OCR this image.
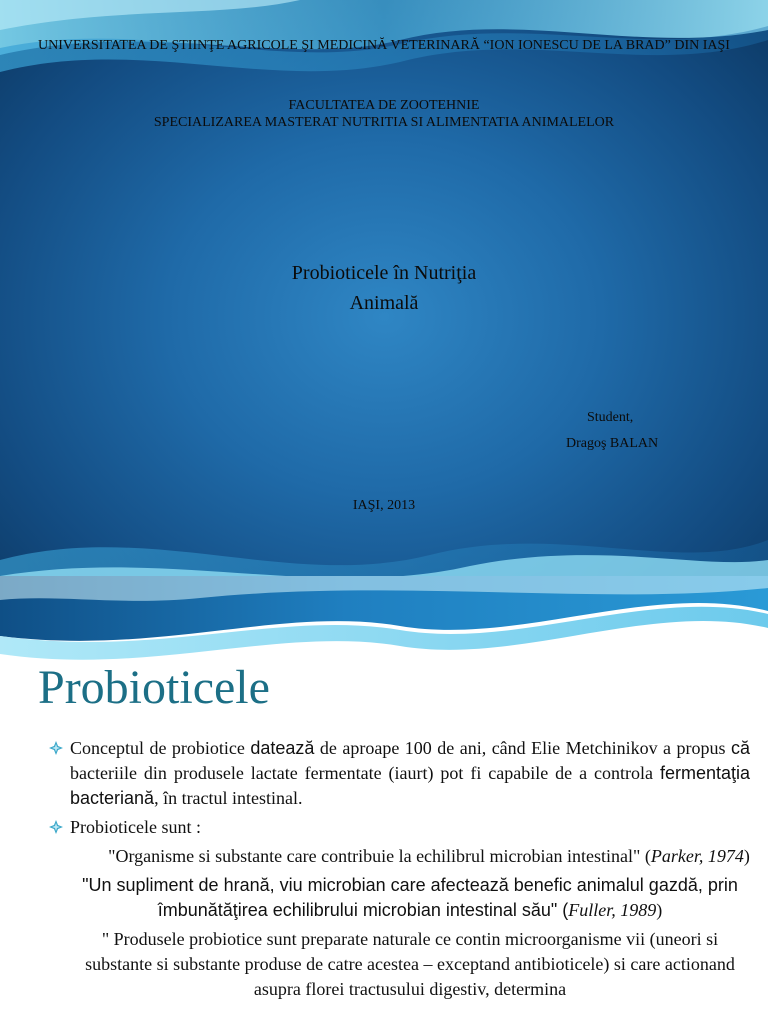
UNIVERSITATEA DE ŞTIINŢE AGRICOLE ŞI MEDICINĂ VETERINARĂ “ION IONESCU DE LA BRAD” DIN IAŞI
FACULTATEA DE ZOOTEHNIE
SPECIALIZAREA MASTERAT NUTRITIA SI ALIMENTATIA ANIMALELOR
Probioticele în Nutriţia
Animală
Student,
Dragoş BALAN
IAŞI, 2013
Probioticele
Conceptul de probiotice datează de aproape 100 de ani, când Elie Metchinikov a propus că bacteriile din produsele lactate fermentate (iaurt) pot fi capabile de a controla fermentaţia bacteriană, în tractul intestinal.
Probioticele sunt :
"Organisme si substante care contribuie la echilibrul microbian intestinal" (Parker, 1974)
"Un supliment de hrană, viu microbian care afectează benefic animalul gazdă, prin îmbunătăţirea echilibrului microbian intestinal său" (Fuller, 1989)
" Produsele probiotice sunt preparate naturale ce contin microorganisme vii (uneori si substante si substante produse de catre acestea – exceptand antibioticele) si care actionand asupra florei tractusului digestiv, determina
